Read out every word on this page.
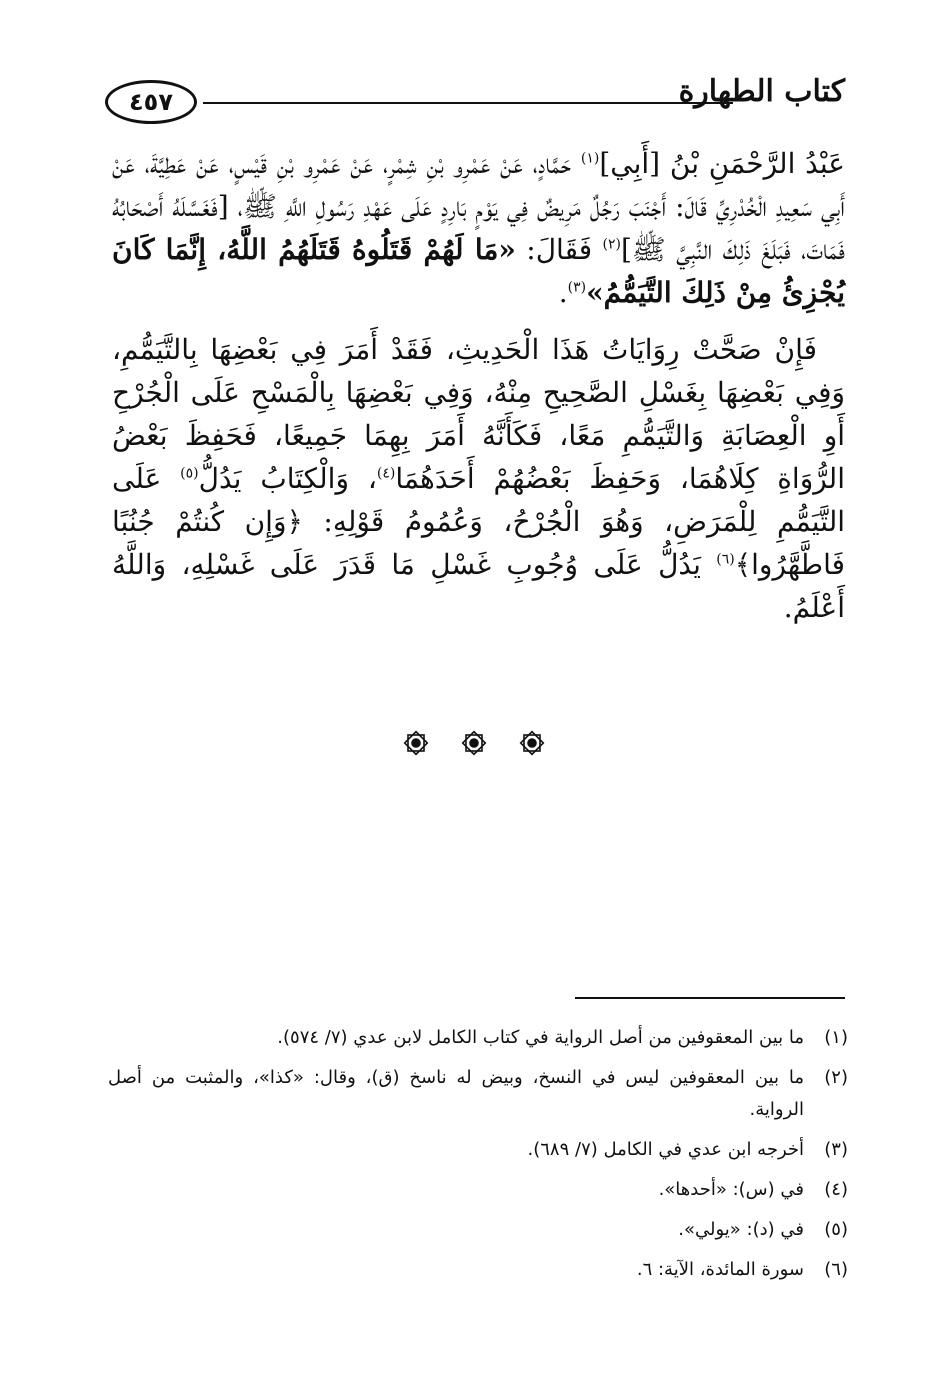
٤٥٧	كتاب الطهارة

عَبْدُ الرَّحْمَنِ بْنُ [أَبِي]$^{(١)}$ حَمَّادٍ، عَنْ عَمْرِو بْنِ شِمْرٍ، عَنْ عَمْرِو بْنِ قَيْسٍ، عَنْ عَطِيَّةَ، عَنْ أَبِي سَعِيدِ الْخُدْرِيِّ قَالَ: أَجْنَبَ رَجُلٌ مَرِيضٌ فِي يَوْمٍ بَارِدٍ عَلَى عَهْدِ رَسُولِ اللَّهِ ﷺ، [فَغَسَّلَهُ أَصْحَابُهُ فَمَاتَ، فَبَلَغَ ذَلِكَ النَّبِيَّ ﷺ]$^{(٢)}$ فَقَالَ: «مَا لَهُمْ قَتَلُوهُ قَتَلَهُمُ اللَّهُ، إِنَّمَا كَانَ يُجْزِئُ مِنْ ذَلِكَ التَّيَمُّمُ»$^{(٣)}$.

فَإِنْ صَحَّتْ رِوَايَاتُ هَذَا الْحَدِيثِ، فَقَدْ أَمَرَ فِي بَعْضِهَا بِالتَّيَمُّمِ، وَفِي بَعْضِهَا بِغَسْلِ الصَّحِيحِ مِنْهُ، وَفِي بَعْضِهَا بِالْمَسْحِ عَلَى الْجُرْحِ أَوِ الْعِصَابَةِ وَالتَّيَمُّمِ مَعًا، فَكَأَنَّهُ أَمَرَ بِهِمَا جَمِيعًا، فَحَفِظَ بَعْضُ الرُّوَاةِ كِلَاهُمَا، وَحَفِظَ بَعْضُهُمْ أَحَدَهُمَا$^{(٤)}$، وَالْكِتَابُ يَدُلُّ$^{(٥)}$ عَلَى التَّيَمُّمِ لِلْمَرَضِ، وَهُوَ الْجُرْحُ، وَعُمُومُ قَوْلِهِ: ﴿وَإِن كُنتُمْ جُنُبًا فَاطَّهَّرُوا﴾$^{(٦)}$ يَدُلُّ عَلَى وُجُوبِ غَسْلِ مَا قَدَرَ عَلَى غَسْلِهِ، وَاللَّهُ أَعْلَمُ.

(١)
ما بين المعقوفين من أصل الرواية في كتاب الكامل لابن عدي (٧/ ٥٧٤).
(٢)
ما بين المعقوفين ليس في النسخ، وبيض له ناسخ (ق)، وقال: «كذا»، والمثبت من أصل الرواية.
(٣)
أخرجه ابن عدي في الكامل (٧/ ٦٨٩).
(٤)
في (س): «أحدها».
(٥)
في (د): «يولي».
(٦)
سورة المائدة، الآية: ٦.
